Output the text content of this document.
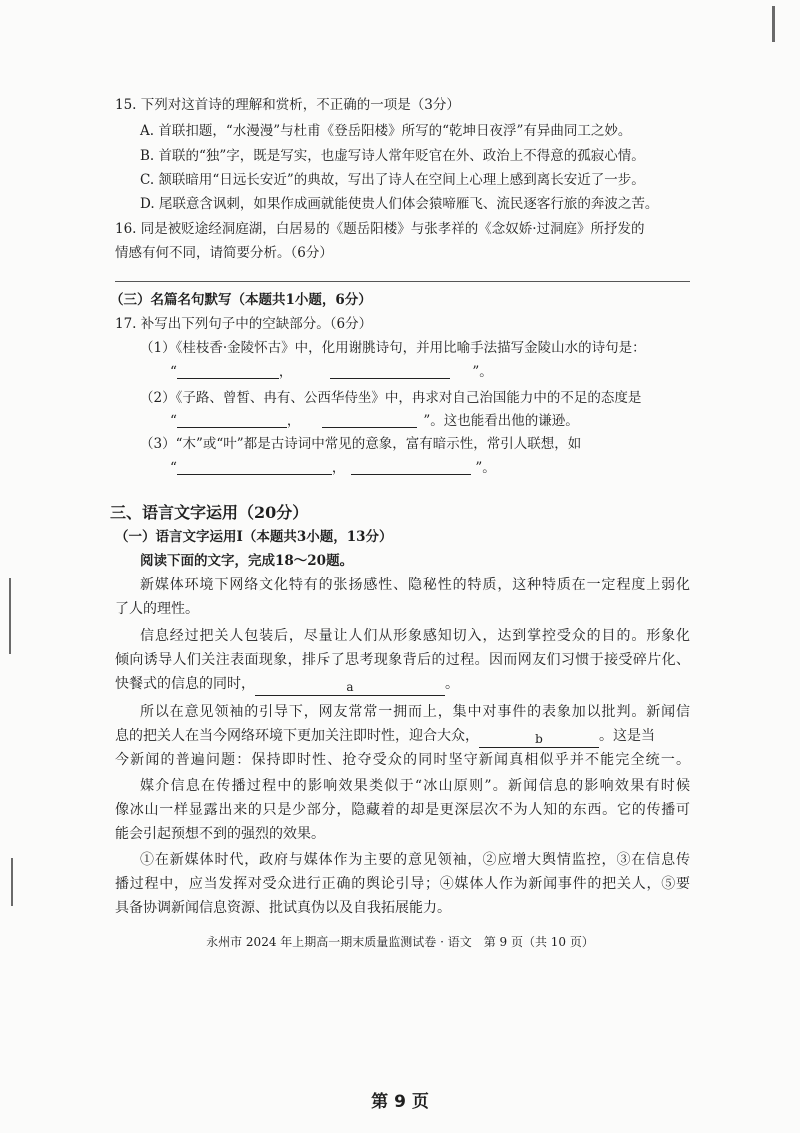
15. 下列对这首诗的理解和赏析，不正确的一项是（3分）
A. 首联扣题，“水漫漫”与杜甫《登岳阳楼》所写的“乾坤日夜浮”有异曲同工之妙。
B. 首联的“独”字，既是写实，也虚写诗人常年贬官在外、政治上不得意的孤寂心情。
C. 颔联暗用“日远长安近”的典故，写出了诗人在空间上心理上感到离长安近了一步。
D. 尾联意含讽刺，如果作成画就能使贵人们体会猿啼雁飞、流民逐客行旅的奔波之苦。
16. 同是被贬途经洞庭湖，白居易的《题岳阳楼》与张孝祥的《念奴娇·过洞庭》所抒发的
情感有何不同，请简要分析。（6分）
（三）名篇名句默写（本题共1小题，6分）
17. 补写出下列句子中的空缺部分。（6分）
（1）《桂枝香·金陵怀古》中，化用谢朓诗句，并用比喻手法描写金陵山水的诗句是：
“	，	”。
（2）《子路、曾皙、冉有、公西华侍坐》中，冉求对自己治国能力中的不足的态度是
“	，	”。这也能看出他的谦逊。
（3）“木”或“叶”都是古诗词中常见的意象，富有暗示性，常引人联想，如
“	，	”。
三、语言文字运用（20分）
（一）语言文字运用Ⅰ（本题共3小题，13分）
阅读下面的文字，完成18～20题。
新媒体环境下网络文化特有的张扬感性、隐秘性的特质，这种特质在一定程度上弱化
了人的理性。
信息经过把关人包装后，尽量让人们从形象感知切入，达到掌控受众的目的。形象化
倾向诱导人们关注表面现象，排斥了思考现象背后的过程。因而网友们习惯于接受碎片化、
快餐式的信息的同时，	a	。
所以在意见领袖的引导下，网友常常一拥而上，集中对事件的表象加以批判。新闻信
息的把关人在当今网络环境下更加关注即时性，迎合大众，	b	。这是当
今新闻的普遍问题：保持即时性、抢夺受众的同时坚守新闻真相似乎并不能完全统一。
媒介信息在传播过程中的影响效果类似于“冰山原则”。新闻信息的影响效果有时候
像冰山一样显露出来的只是少部分，隐藏着的却是更深层次不为人知的东西。它的传播可
能会引起预想不到的强烈的效果。
①在新媒体时代，政府与媒体作为主要的意见领袖，②应增大舆情监控，③在信息传
播过程中，应当发挥对受众进行正确的舆论引导；④媒体人作为新闻事件的把关人，⑤要
具备协调新闻信息资源、批试真伪以及自我拓展能力。
永州市 2024 年上期高一期末质量监测试卷 · 语文　第 9 页（共 10 页）
第 9 页
